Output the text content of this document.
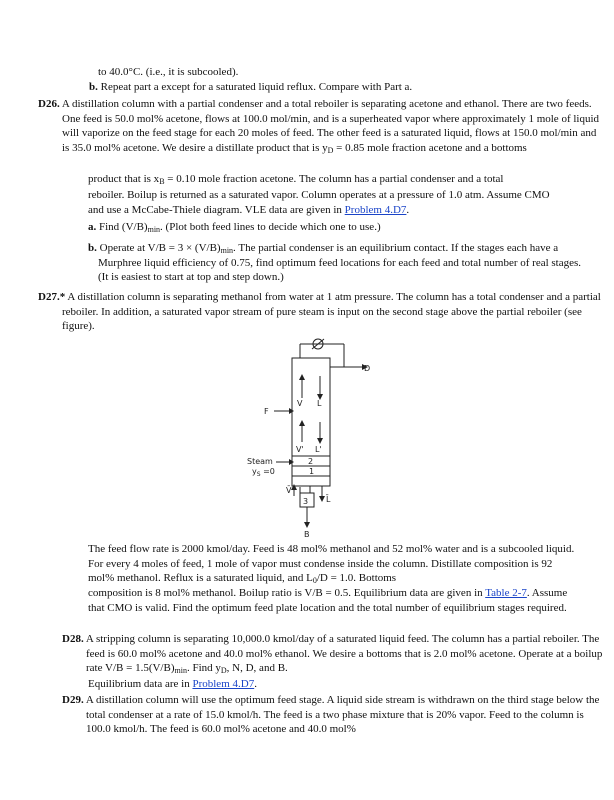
to 40.0°C. (i.e., it is subcooled).

b. Repeat part a except for a saturated liquid reflux. Compare with Part a.

D26. A distillation column with a partial condenser and a total reboiler is separating acetone and ethanol. There are two feeds. One feed is 50.0 mol% acetone, flows at 100.0 mol/min, and is a superheated vapor where approximately 1 mole of liquid will vaporize on the feed stage for each 20 moles of feed. The other feed is a saturated liquid, flows at 150.0 mol/min and is 35.0 mol% acetone. We desire a distillate product that is $y_D = 0.85$ mole fraction acetone and a bottoms

product that is $x_B = 0.10$ mole fraction acetone. The column has a partial condenser and a total

reboiler. Boilup is returned as a saturated vapor. Column operates at a pressure of 1.0 atm. Assume CMO and use a McCabe-Thiele diagram. VLE data are given in Problem 4.D7.

a. Find $(V/B)_{min}$. (Plot both feed lines to decide which one to use.)

b. Operate at $V/B = 3 \times (V/B)_{min}$. The partial condenser is an equilibrium contact. If the stages each have a Murphree liquid efficiency of 0.75, find optimum feed locations for each feed and total number of real stages. (It is easiest to start at top and step down.)

D27.* A distillation column is separating methanol from water at 1 atm pressure. The column has a total condenser and a partial reboiler. In addition, a saturated vapor stream of pure steam is input on the second stage above the partial reboiler (see figure).

D
F
V L
V' L'
Steam
$y_S =0$
2
1
3
V̄
L̄
B

The feed flow rate is 2000 kmol/day. Feed is 48 mol% methanol and 52 mol% water and is a subcooled liquid. For every 4 moles of feed, 1 mole of vapor must condense inside the column. Distillate composition is 92 mol% methanol. Reflux is a saturated liquid, and $L_0/D = 1.0$. Bottoms

composition is 8 mol% methanol. Boilup ratio is V/B = 0.5. Equilibrium data are given in Table 2-7. Assume that CMO is valid. Find the optimum feed plate location and the total number of equilibrium stages required.

D28. A stripping column is separating 10,000.0 kmol/day of a saturated liquid feed. The column has a partial reboiler. The feed is 60.0 mol% acetone and 40.0 mol% ethanol. We desire a bottoms that is 2.0 mol% acetone. Operate at a boilup rate $V/B = 1.5(V/B)_{min}$. Find $y_D$, N, D, and B.

Equilibrium data are in Problem 4.D7.

D29. A distillation column will use the optimum feed stage. A liquid side stream is withdrawn on the third stage below the total condenser at a rate of 15.0 kmol/h. The feed is a two phase mixture that is 20% vapor. Feed to the column is 100.0 kmol/h. The feed is 60.0 mol% acetone and 40.0 mol%
